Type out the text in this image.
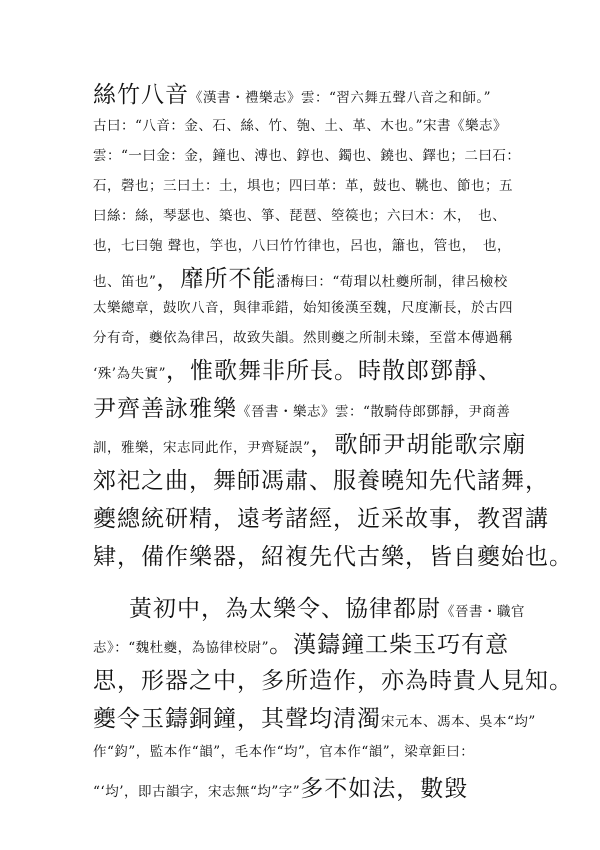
絲竹八音《漢書・禮樂志》雲：“習六舞五聲八音之和師。”
古曰：“八音：金、石、絲、竹、匏、土、革、木也。”宋書《樂志》
雲：“一曰金：金，鐘也、溥也、錞也、鐲也、鐃也、鐸也；二曰石：
石，磬也；三曰土：土，埧也；四曰革：革，鼓也、鞉也、節也；五
曰絲：絲，琴瑟也、築也、箏、琵琶、箜篌也；六曰木：木，　也、
也，七曰匏 聲也，竽也，八曰竹竹律也，呂也，簫也，管也，　也，
也、笛也”，靡所不能潘梅曰：“荀瑁以杜夔所制，律呂檢校
太樂總章，鼓吹八音，與律乖錯，始知後漢至魏，尺度漸長，於古四
分有奇，夔依為律呂，故致失韻。然則夔之所制未臻，至當本傳過稱
‘殊’為失實”，惟歌舞非所長。時散郎鄧靜、
尹齊善詠雅樂《晉書・樂志》雲：“散騎侍郎鄧靜，尹商善
訓，雅樂，宋志同此作，尹齊疑誤”，歌師尹胡能歌宗廟
郊祀之曲，舞師馮肅、服養曉知先代諸舞，
夔總統研精，遠考諸經，近采故事，教習講
肄，備作樂器，紹複先代古樂，皆自夔始也。
黃初中，為太樂令、協律都尉《晉書・職官
志》：“魏杜夔，為協律校尉”。漢鑄鐘工柴玉巧有意
思，形器之中，多所造作，亦為時貴人見知。
夔令玉鑄銅鐘，其聲均清濁宋元本、馮本、吳本“均”
作“鈞”，監本作“韻”，毛本作“均”，官本作“韻”，梁章鉅曰：
“‘均’，即古韻字，宋志無“均”字”多不如法，數毀
